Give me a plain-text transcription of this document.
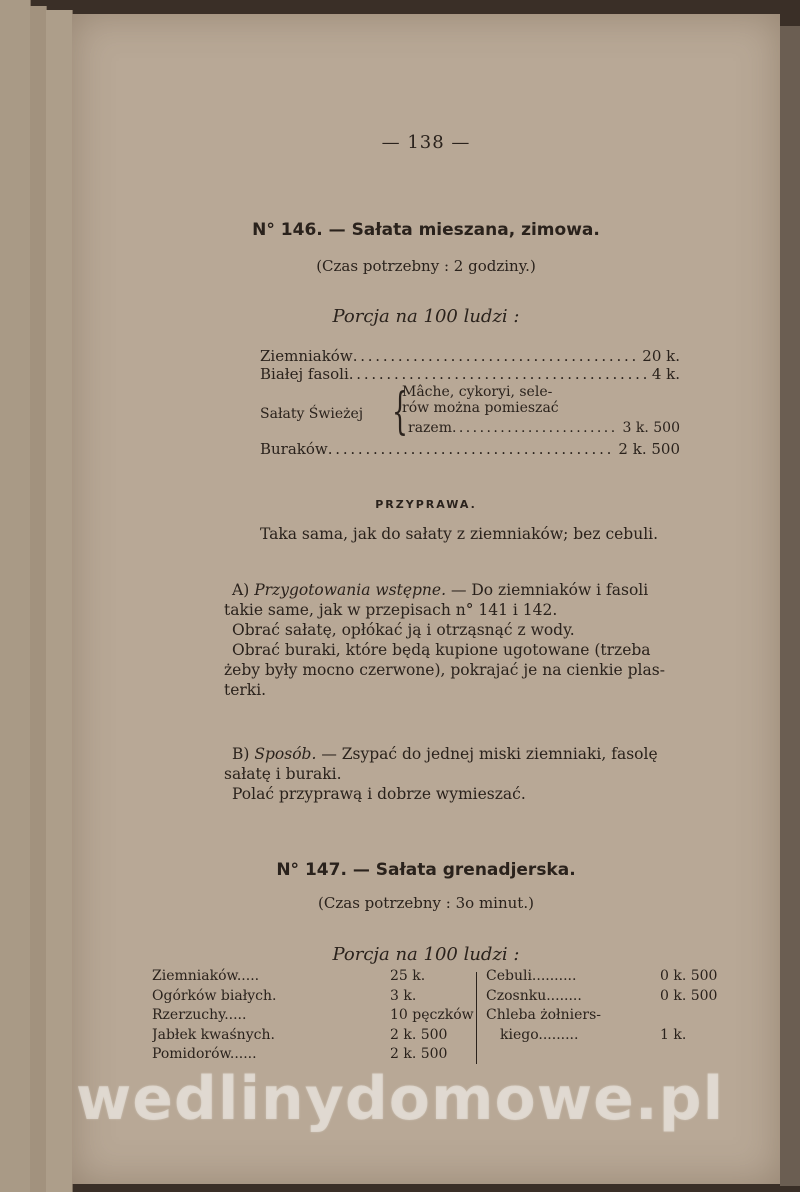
— 138 —
N° 146. — Sałata mieszana, zimowa.
(Czas potrzebny : 2 godziny.)
Porcja na 100 ludzi :
Ziemniaków . . .	20 k.
Białej fasoli . . .	4 k.
Sałaty Świeżej {
Mâche, cykoryi, sele-
rów można pomieszać
razem . . .	3 k. 500
Buraków . . .	2 k. 500
PRZYPRAWA.
Taka sama, jak do sałaty z ziemniaków; bez cebuli.
A) Przygotowania wstępne. — Do ziemniaków i fasoli
takie same, jak w przepisach n° 141 i 142.
Obrać sałatę, opłókać ją i otrząsnąć z wody.
Obrać buraki, które będą kupione ugotowane (trzeba
żeby były mocno czerwone), pokrajać je na cienkie plas-
terki.
B) Sposób. — Zsypać do jednej miski ziemniaki, fasolę
sałatę i buraki.
Polać przyprawą i dobrze wymieszać.
N° 147. — Sałata grenadjerska.
(Czas potrzebny : 3o minut.)
Porcja na 100 ludzi :
Ziemniaków.....	25 k.
Ogórków białych.	3 k.
Rzerzuchy.....	10 pęczków
Jabłek kwaśnych.	2 k. 500
Pomidorów......	2 k. 500
Cebuli..........	0 k. 500
Czosnku........	0 k. 500
Chleba żołniers-
kiego.........	1 k.
wedlinydomowe.pl
